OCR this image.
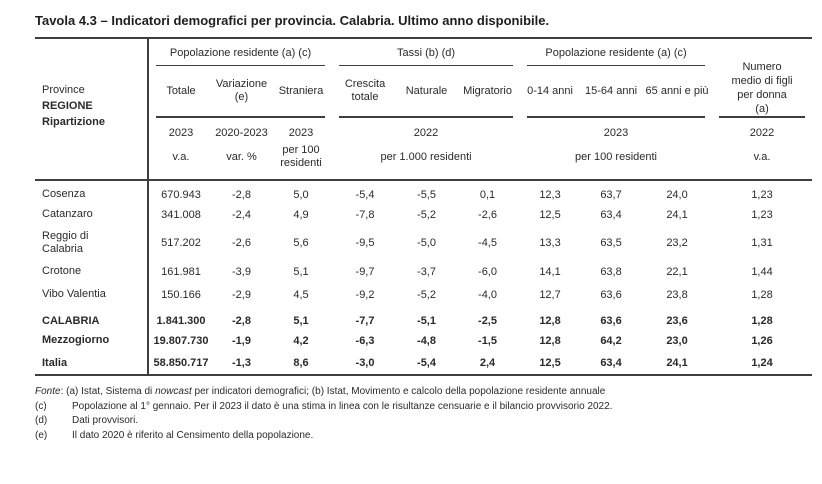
Tavola 4.3 – Indicatori demografici per provincia. Calabria. Ultimo anno disponibile.
Province
REGIONE
Ripartizione	Popolazione residente (a) (c)			Tassi (b) (d)			Popolazione residente (a) (c)			Numero medio di figli per donna (a)

	Totale	Variazione (e)	Straniera	Crescita totale	Naturale	Migratorio	0-14 anni	15-64 anni	65 anni e più	

	2023	2020-2023	2023	2022			2023			2022
	v.a.	var. %	per 100 residenti	per 1.000 residenti			per 100 residenti			v.a.
Cosenza	670.943	-2,8	5,0	-5,4	-5,5	0,1	12,3	63,7	24,0	1,23
Catanzaro	341.008	-2,4	4,9	-7,8	-5,2	-2,6	12,5	63,4	24,1	1,23
Reggio di Calabria	517.202	-2,6	5,6	-9,5	-5,0	-4,5	13,3	63,5	23,2	1,31
Crotone	161.981	-3,9	5,1	-9,7	-3,7	-6,0	14,1	63,8	22,1	1,44
Vibo Valentia	150.166	-2,9	4,5	-9,2	-5,2	-4,0	12,7	63,6	23,8	1,28
CALABRIA	1.841.300	-2,8	5,1	-7,7	-5,1	-2,5	12,8	63,6	23,6	1,28
Mezzogiorno	19.807.730	-1,9	4,2	-6,3	-4,8	-1,5	12,8	64,2	23,0	1,26
Italia	58.850.717	-1,3	8,6	-3,0	-5,4	2,4	12,5	63,4	24,1	1,24
Fonte: (a) Istat, Sistema di nowcast per indicatori demografici; (b) Istat, Movimento e calcolo della popolazione residente annuale
(c)	Popolazione al 1° gennaio. Per il 2023 il dato è una stima in linea con le risultanze censuarie e il bilancio provvisorio 2022.
(d)	Dati provvisori.
(e)	Il dato 2020 è riferito al Censimento della popolazione.
